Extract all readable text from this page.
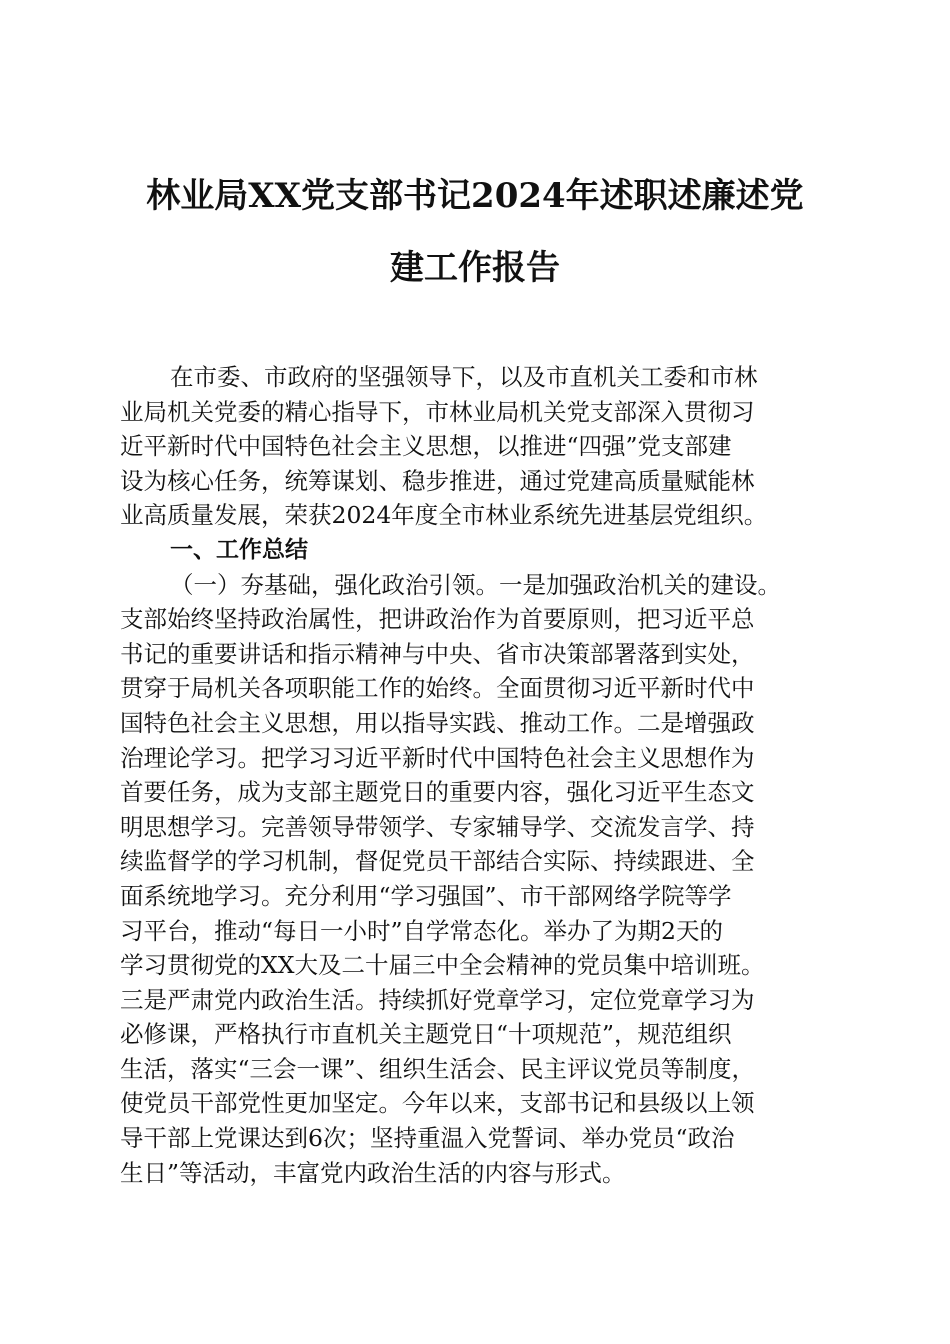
林业局XX党支部书记2024年述职述廉述党
建工作报告
在市委、市政府的坚强领导下，以及市直机关工委和市林
业局机关党委的精心指导下，市林业局机关党支部深入贯彻习
近平新时代中国特色社会主义思想，以推进“四强”党支部建
设为核心任务，统筹谋划、稳步推进，通过党建高质量赋能林
业高质量发展，荣获2024年度全市林业系统先进基层党组织。
一、工作总结
（一）夯基础，强化政治引领。一是加强政治机关的建设。
支部始终坚持政治属性，把讲政治作为首要原则，把习近平总
书记的重要讲话和指示精神与中央、省市决策部署落到实处，
贯穿于局机关各项职能工作的始终。全面贯彻习近平新时代中
国特色社会主义思想，用以指导实践、推动工作。二是增强政
治理论学习。把学习习近平新时代中国特色社会主义思想作为
首要任务，成为支部主题党日的重要内容，强化习近平生态文
明思想学习。完善领导带领学、专家辅导学、交流发言学、持
续监督学的学习机制，督促党员干部结合实际、持续跟进、全
面系统地学习。充分利用“学习强国”、市干部网络学院等学
习平台，推动“每日一小时”自学常态化。举办了为期2天的
学习贯彻党的XX大及二十届三中全会精神的党员集中培训班。
三是严肃党内政治生活。持续抓好党章学习，定位党章学习为
必修课，严格执行市直机关主题党日“十项规范”，规范组织
生活，落实“三会一课”、组织生活会、民主评议党员等制度，
使党员干部党性更加坚定。今年以来，支部书记和县级以上领
导干部上党课达到6次；坚持重温入党誓词、举办党员“政治
生日”等活动，丰富党内政治生活的内容与形式。
